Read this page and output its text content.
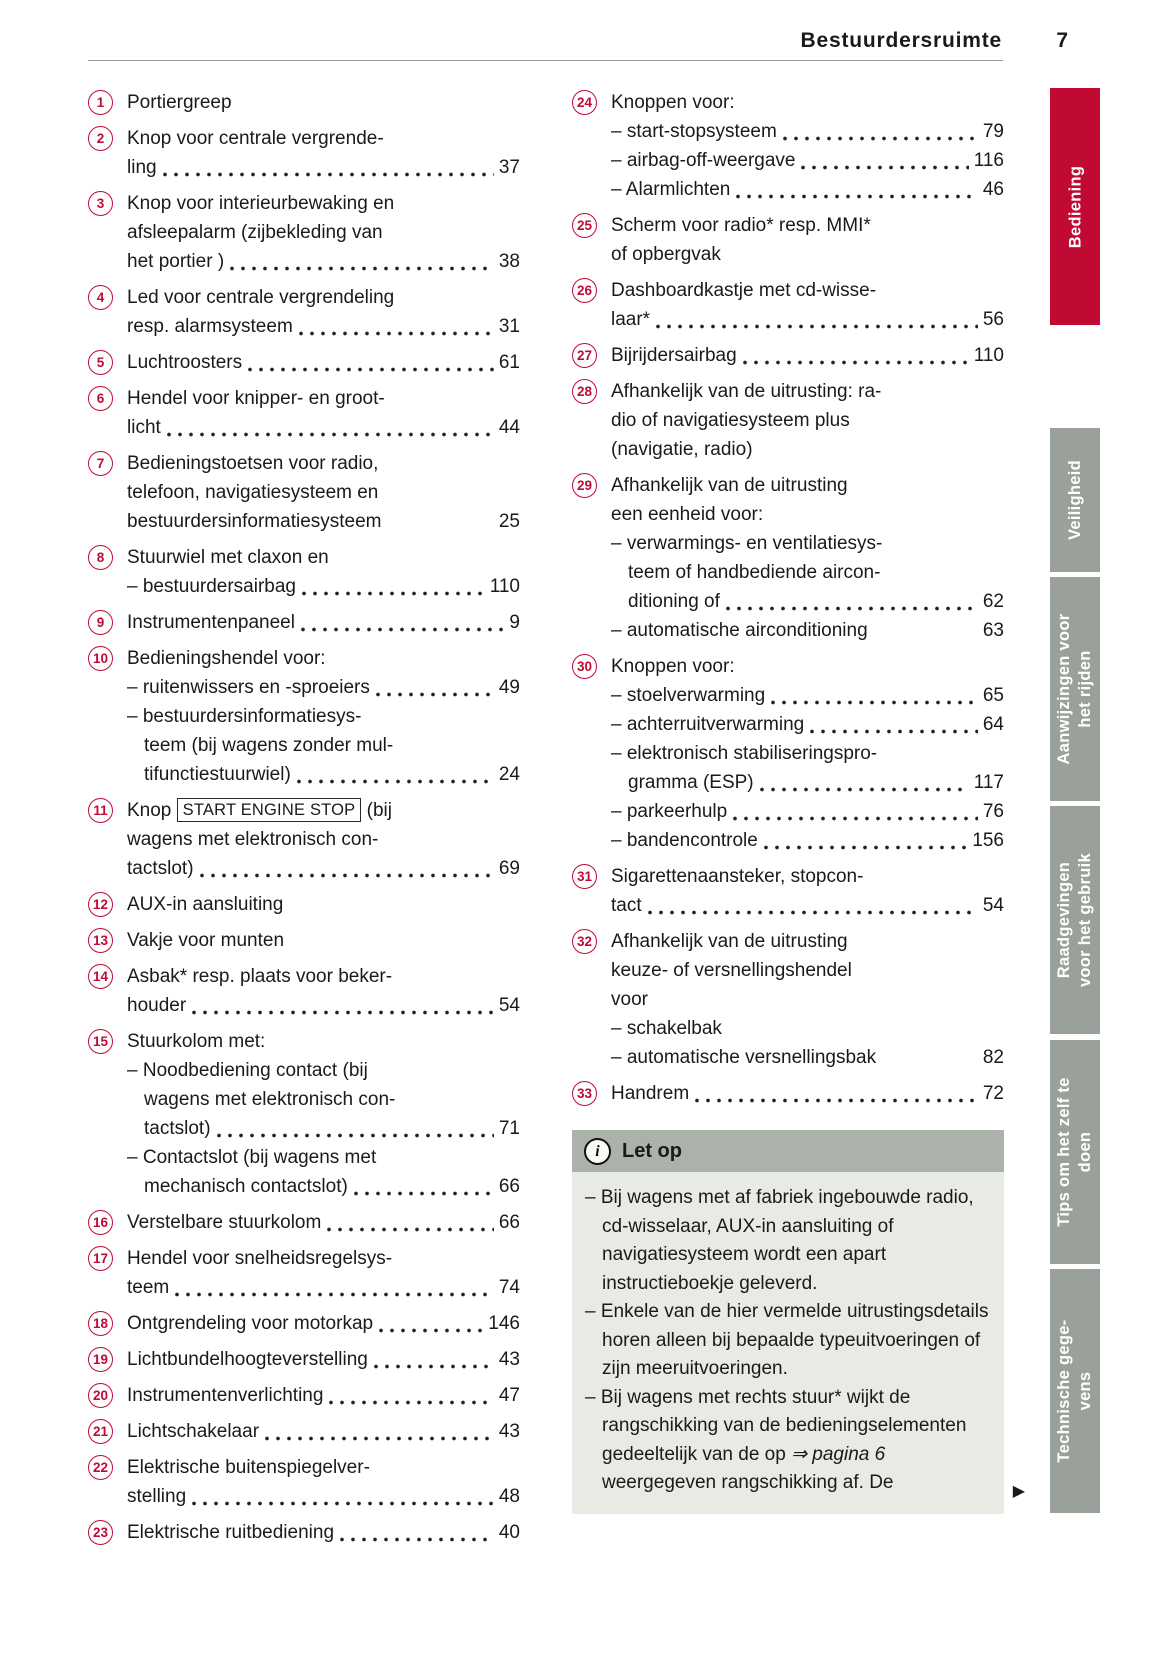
Bestuurdersruimte	7
1	Portiergreep
2	Knop voor centrale vergrende-
ling	37
3	Knop voor interieurbewaking en
afsleepalarm (zijbekleding van
het portier )	38
4	Led voor centrale vergrendeling
resp. alarmsysteem	31
5	Luchtroosters	61
6	Hendel voor knipper- en groot-
licht	44
7	Bedieningstoetsen voor radio,
telefoon, navigatiesysteem en
bestuurdersinformatiesysteem	25
8	Stuurwiel met claxon en
– bestuurdersairbag	110
9	Instrumentenpaneel	9
10 Bedieningshendel voor:
– ruitenwissers en -sproeiers	49
– bestuurdersinformatiesys-
teem (bij wagens zonder mul-
tifunctiestuurwiel)	24
11 Knop START ENGINE STOP (bij
wagens met elektronisch con-
tactslot)	69
12 AUX-in aansluiting
13 Vakje voor munten
14 Asbak* resp. plaats voor beker-
houder	54
15 Stuurkolom met:
– Noodbediening contact (bij
wagens met elektronisch con-
tactslot)	71
– Contactslot (bij wagens met
mechanisch contactslot)	66
16 Verstelbare stuurkolom	66
17 Hendel voor snelheidsregelsys-
teem	74
18 Ontgrendeling voor motorkap	146
19 Lichtbundelhoogteverstelling	43
20 Instrumentenverlichting	47
21 Lichtschakelaar	43
22 Elektrische buitenspiegelver-
stelling	48
23 Elektrische ruitbediening	40
24 Knoppen voor:
– start-stopsysteem	79
– airbag-off-weergave	116
– Alarmlichten	46
25 Scherm voor radio* resp. MMI*
of opbergvak
26 Dashboardkastje met cd-wisse-
laar*	56
27 Bijrijdersairbag	110
28 Afhankelijk van de uitrusting: ra-
dio of navigatiesysteem plus
(navigatie, radio)
29 Afhankelijk van de uitrusting
een eenheid voor:
– verwarmings- en ventilatiesys-
teem of handbediende aircon-
ditioning of	62
– automatische airconditioning	63
30 Knoppen voor:
– stoelverwarming	65
– achterruitverwarming	64
– elektronisch stabiliseringspro-
gramma (ESP)	117
– parkeerhulp	76
– bandencontrole	156
31 Sigarettenaansteker, stopcon-
tact	54
32 Afhankelijk van de uitrusting
keuze- of versnellingshendel
voor
– schakelbak
– automatische versnellingsbak	82
33 Handrem	72
i Let op
– Bij wagens met af fabriek ingebouwde radio, cd-wisselaar, AUX-in aansluiting of navigatiesysteem wordt een apart instructieboekje geleverd.
– Enkele van de hier vermelde uitrustingsdetails horen alleen bij bepaalde typeuitvoeringen of zijn meeruitvoeringen.
– Bij wagens met rechts stuur* wijkt de rangschikking van de bedieningselementen gedeeltelijk van de op ⇒ pagina 6 weergegeven rangschikking af. De	▶
Bediening
Veiligheid
Aanwijzingen voor het rijden
Raadgevingen voor het gebruik
Tips om het zelf te doen
Technische gege- vens
